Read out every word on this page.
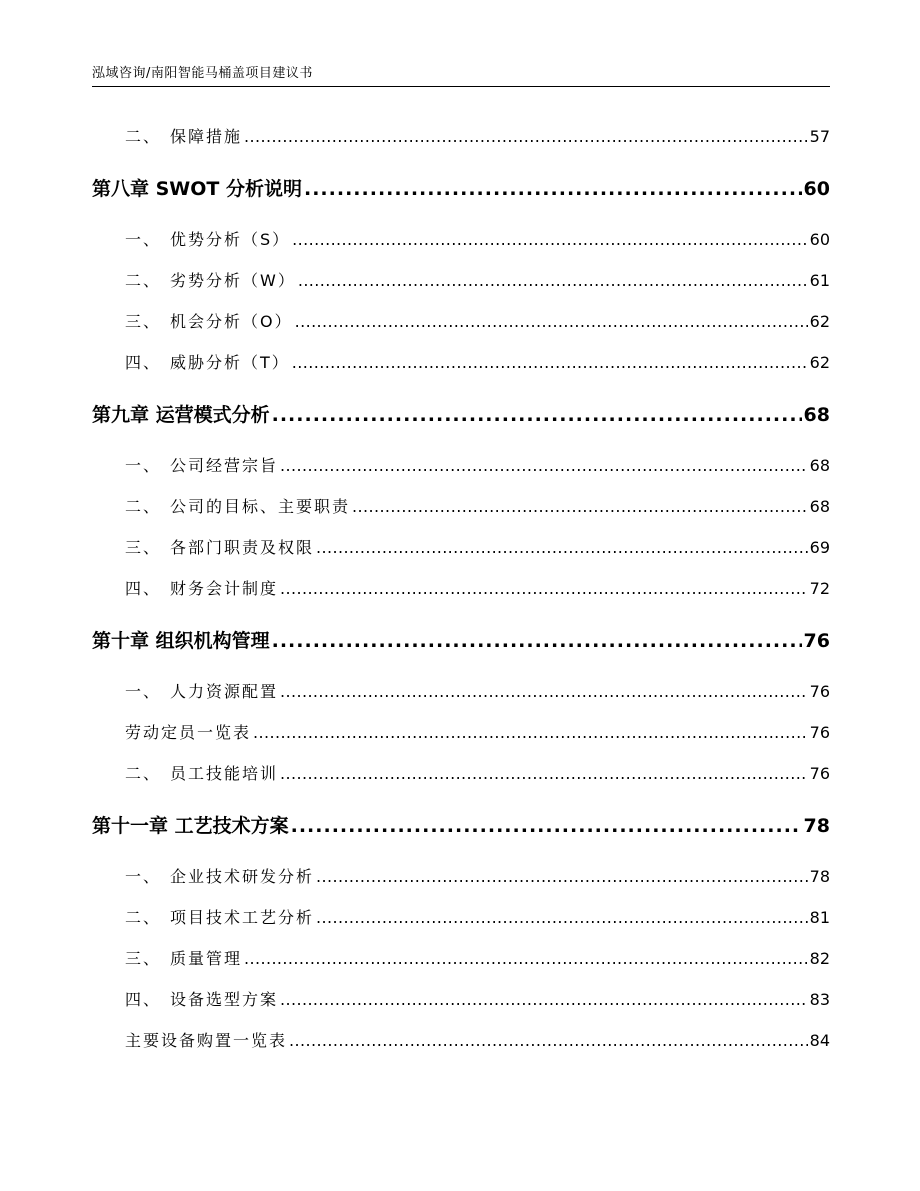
泓域咨询/南阳智能马桶盖项目建议书
二、 保障措施 .....	57
第八章 SWOT 分析说明 .....	60
一、 优势分析（S） .....	60
二、 劣势分析（W） .....	61
三、 机会分析（O） .....	62
四、 威胁分析（T） .....	62
第九章 运营模式分析 .....	68
一、 公司经营宗旨 .....	68
二、 公司的目标、主要职责 .....	68
三、 各部门职责及权限 .....	69
四、 财务会计制度 .....	72
第十章 组织机构管理 .....	76
一、 人力资源配置 .....	76
劳动定员一览表 .....	76
二、 员工技能培训 .....	76
第十一章 工艺技术方案 .....	78
一、 企业技术研发分析 .....	78
二、 项目技术工艺分析 .....	81
三、 质量管理 .....	82
四、 设备选型方案 .....	83
主要设备购置一览表 .....	84
